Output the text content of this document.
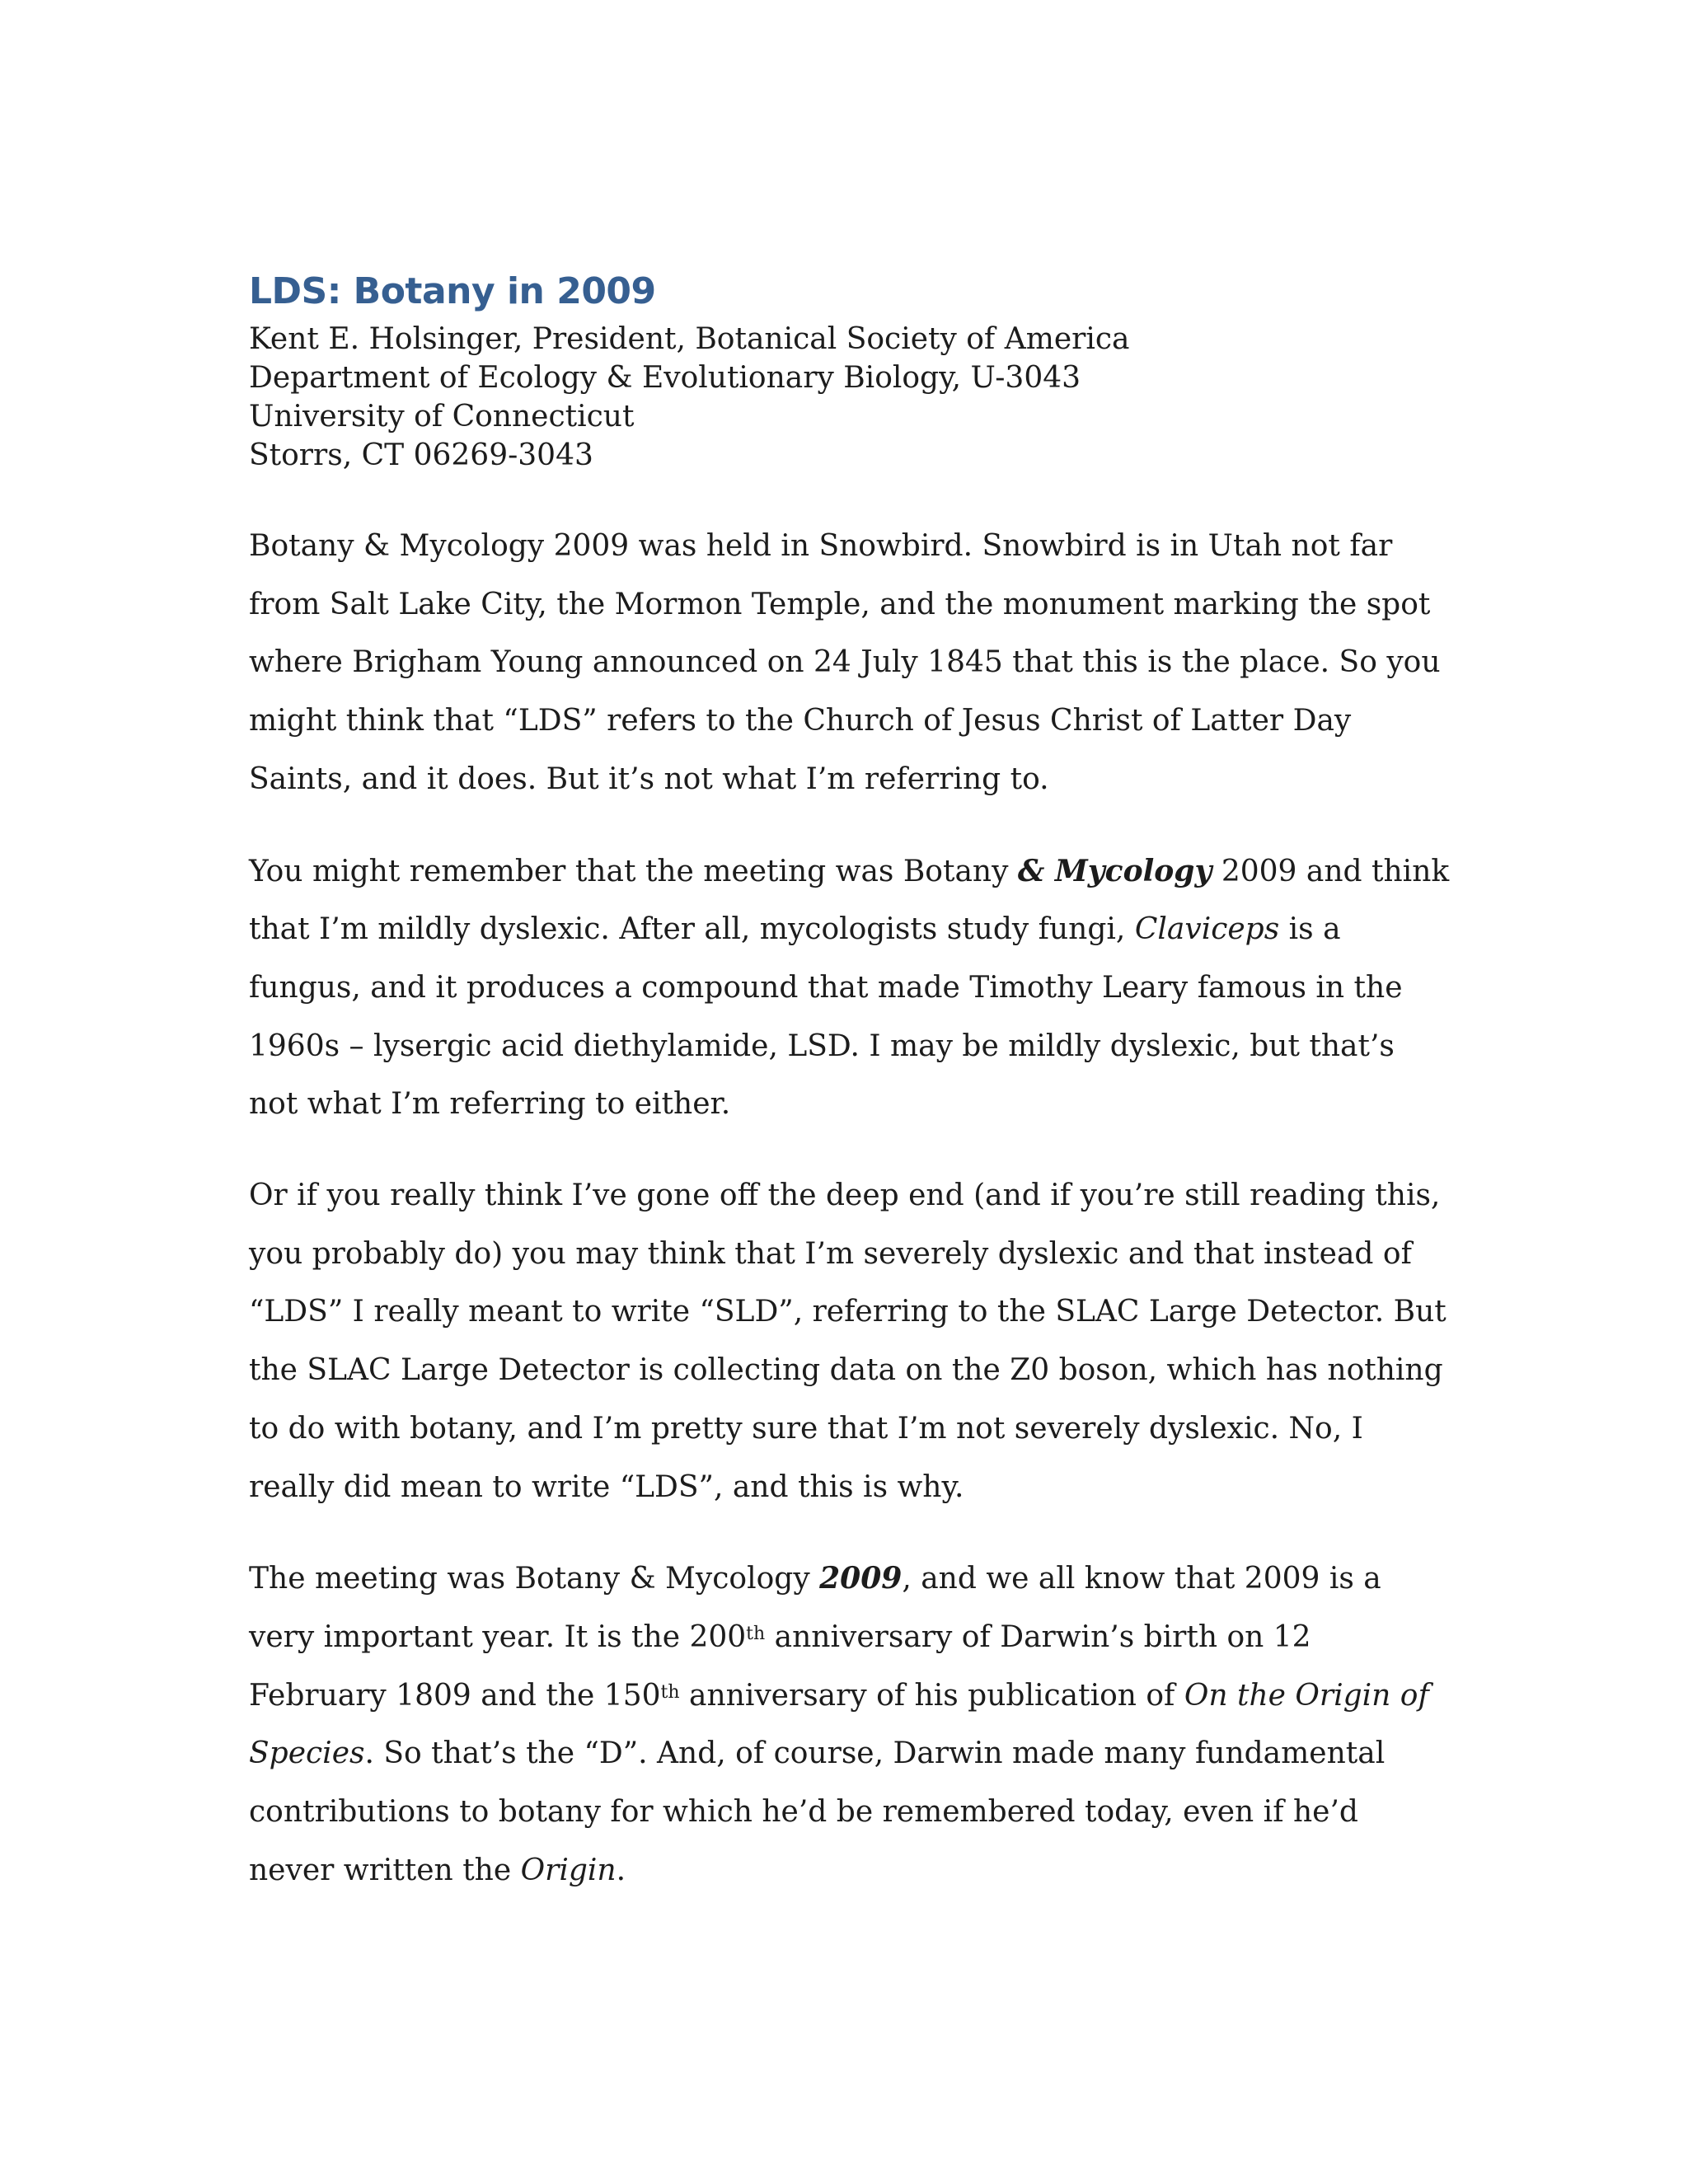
LDS: Botany in 2009
Kent E. Holsinger, President, Botanical Society of America
Department of Ecology & Evolutionary Biology, U-3043
University of Connecticut
Storrs, CT 06269-3043

Botany & Mycology 2009 was held in Snowbird. Snowbird is in Utah not far from Salt Lake City, the Mormon Temple, and the monument marking the spot where Brigham Young announced on 24 July 1845 that this is the place. So you might think that “LDS” refers to the Church of Jesus Christ of Latter Day Saints, and it does. But it’s not what I’m referring to.

You might remember that the meeting was Botany & Mycology 2009 and think that I’m mildly dyslexic. After all, mycologists study fungi, Claviceps is a fungus, and it produces a compound that made Timothy Leary famous in the 1960s – lysergic acid diethylamide, LSD. I may be mildly dyslexic, but that’s not what I’m referring to either.

Or if you really think I’ve gone off the deep end (and if you’re still reading this, you probably do) you may think that I’m severely dyslexic and that instead of “LDS” I really meant to write “SLD”, referring to the SLAC Large Detector. But the SLAC Large Detector is collecting data on the Z0 boson, which has nothing to do with botany, and I’m pretty sure that I’m not severely dyslexic. No, I really did mean to write “LDS”, and this is why.

The meeting was Botany & Mycology 2009, and we all know that 2009 is a very important year. It is the 200th anniversary of Darwin’s birth on 12 February 1809 and the 150th anniversary of his publication of On the Origin of Species. So that’s the “D”. And, of course, Darwin made many fundamental contributions to botany for which he’d be remembered today, even if he’d never written the Origin.
